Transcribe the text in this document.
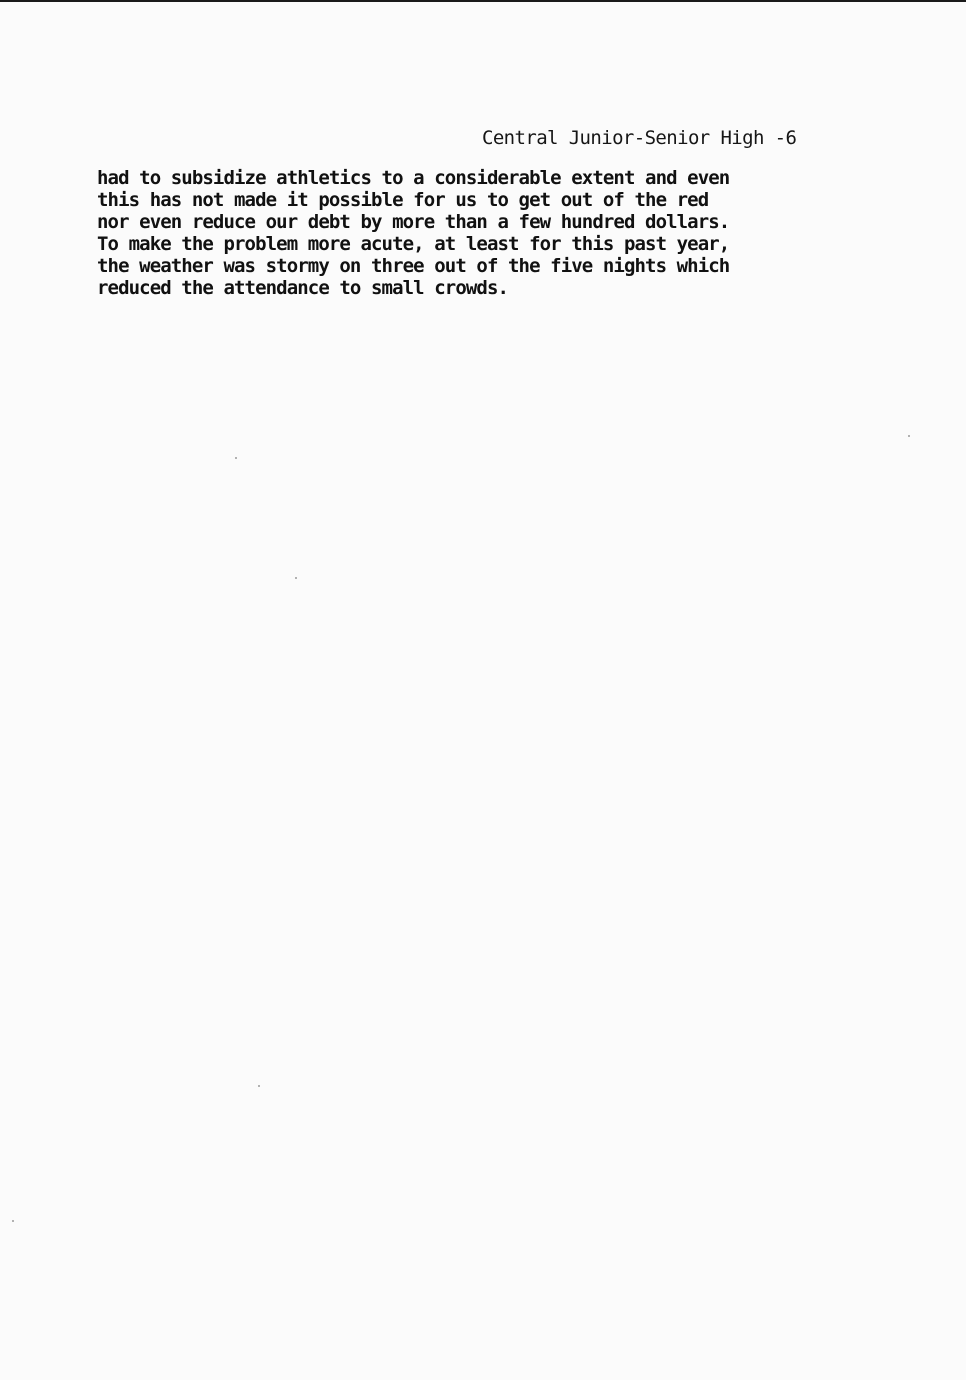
Central Junior-Senior High -6
had to subsidize athletics to a considerable extent and even
this has not made it possible for us to get out of the red
nor even reduce our debt by more than a few hundred dollars.
To make the problem more acute, at least for this past year,
the weather was stormy on three out of the five nights which
reduced the attendance to small crowds.
